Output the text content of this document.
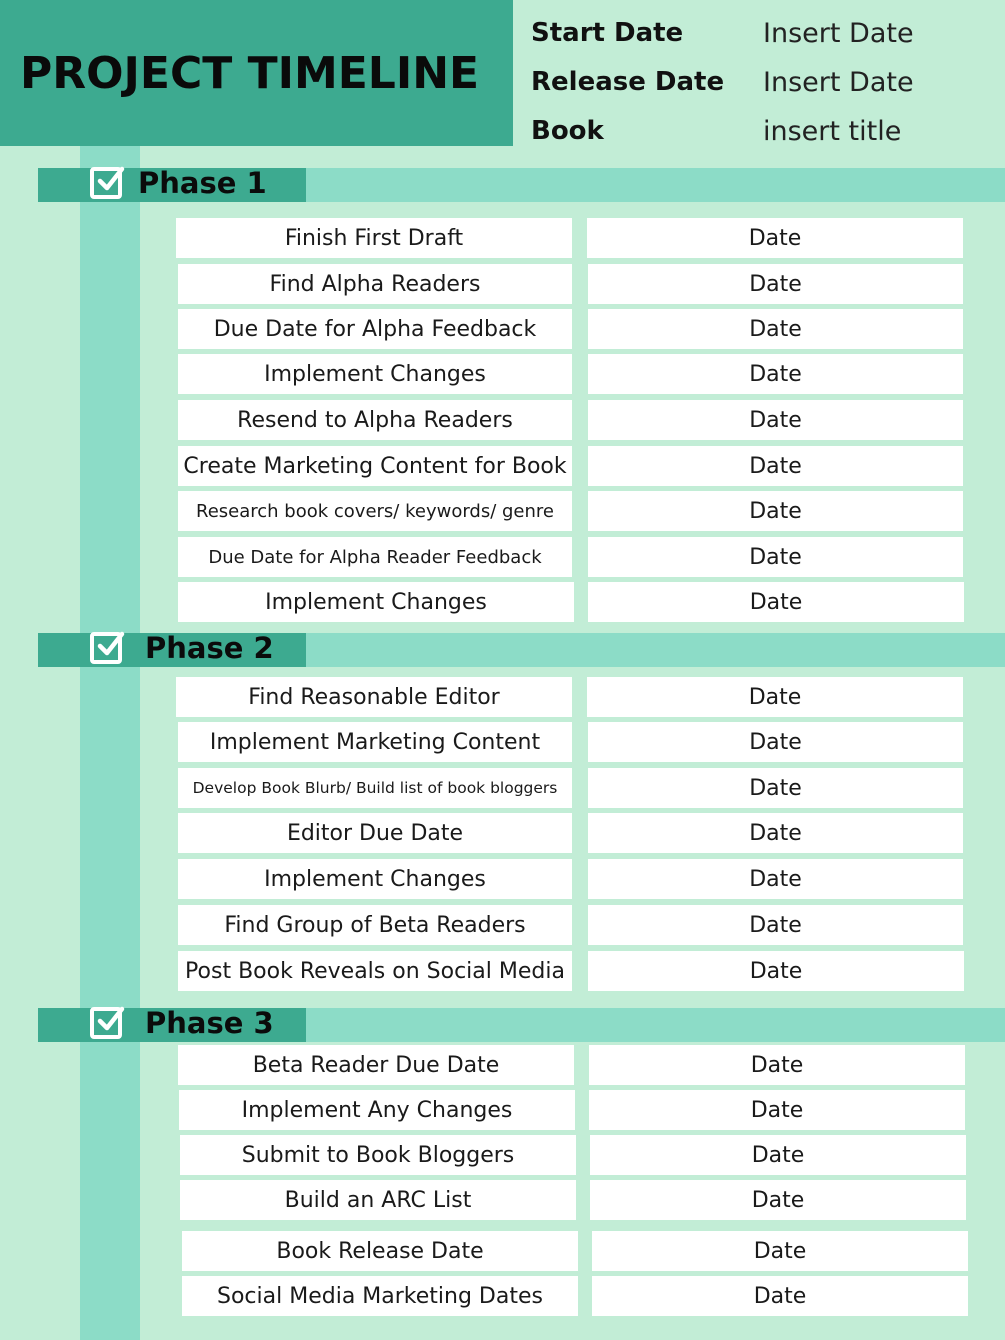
PROJECT TIMELINE
Start Date	Insert Date
Release Date Insert Date
Book	insert title
Phase 1
Phase 2
Phase 3
Finish First Draft	Date
Find Alpha Readers	Date
Due Date for Alpha Feedback	Date
Implement Changes	Date
Resend to Alpha Readers	Date
Create Marketing Content for Book	Date
Research book covers/ keywords/ genre	Date
Due Date for Alpha Reader Feedback	Date
Implement Changes	Date
Find Reasonable Editor	Date
Implement Marketing Content	Date
Develop Book Blurb/ Build list of book bloggers	Date
Editor Due Date	Date
Implement Changes	Date
Find Group of Beta Readers	Date
Post Book Reveals on Social Media	Date
Beta Reader Due Date	Date
Implement Any Changes	Date
Submit to Book Bloggers	Date
Build an ARC List	Date
Book Release Date	Date
Social Media Marketing Dates	Date
